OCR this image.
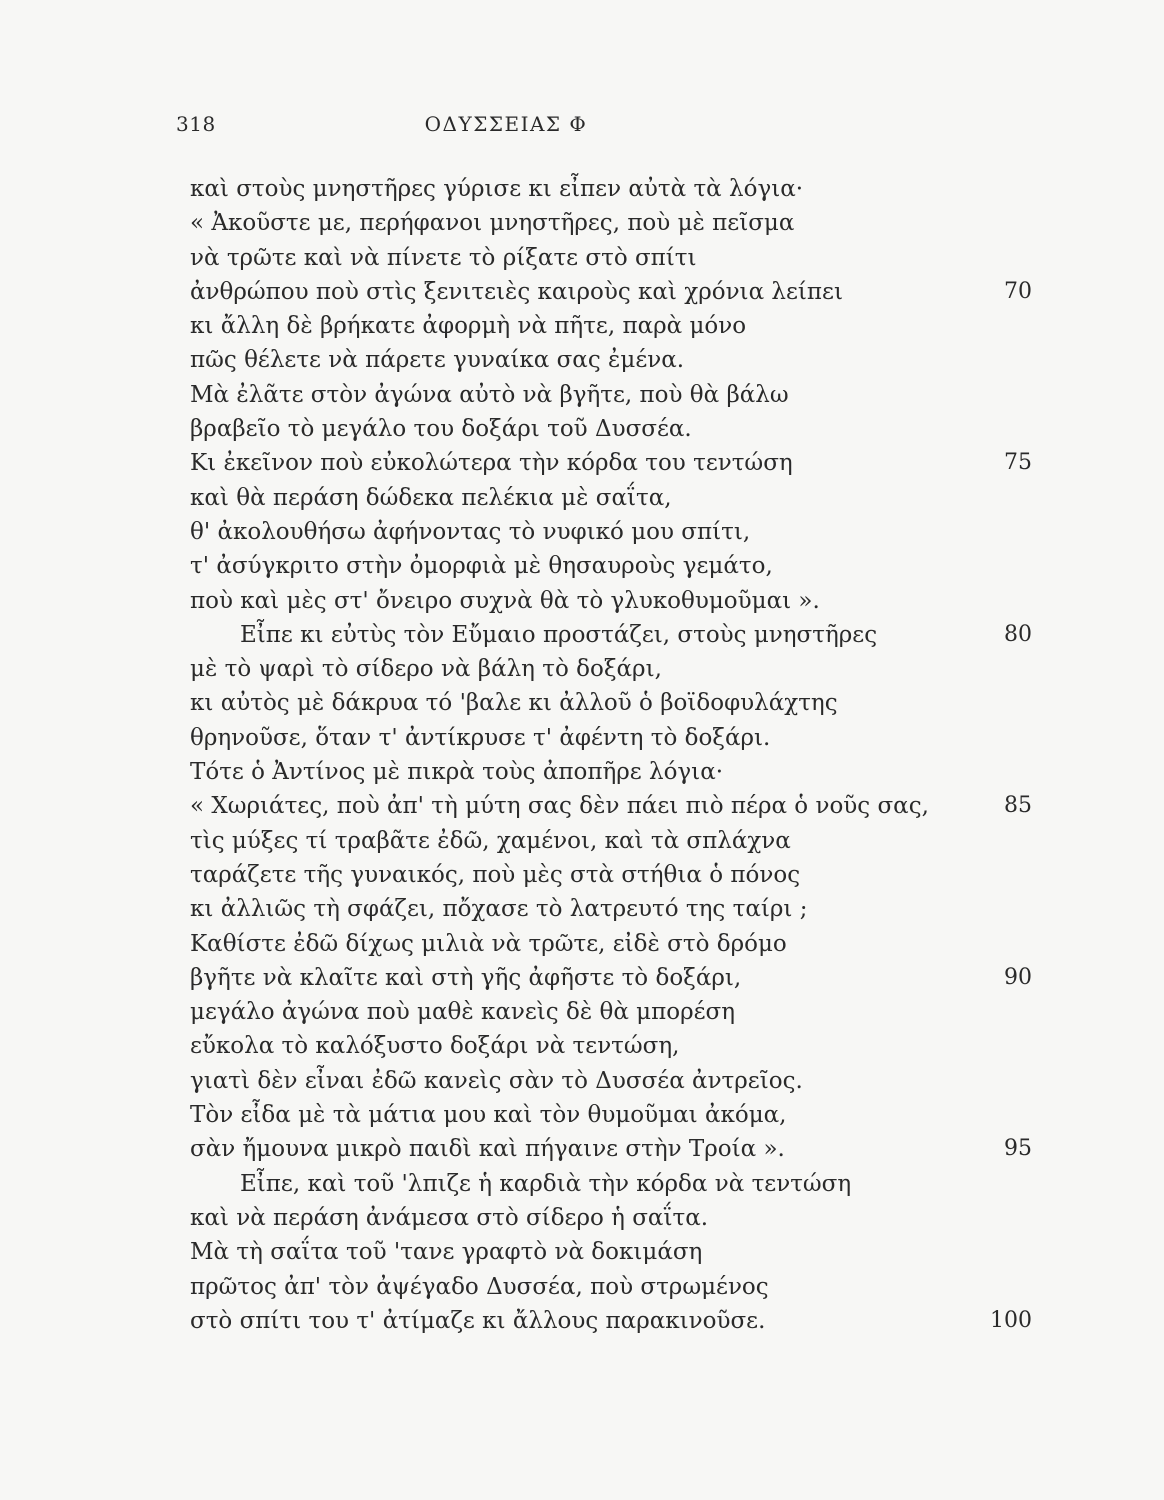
318	ΟΔΥΣΣΕΙΑΣ Φ
καὶ στοὺς μνηστῆρες γύρισε κι εἶπεν αὐτὰ τὰ λόγια·
« Ἀκοῦστε με, περήφανοι μνηστῆρες, ποὺ μὲ πεῖσμα
νὰ τρῶτε καὶ νὰ πίνετε τὸ ρίξατε στὸ σπίτι
ἀνθρώπου ποὺ στὶς ξενιτειὲς καιροὺς καὶ χρόνια λείπει	70
κι ἄλλη δὲ βρήκατε ἀφορμὴ νὰ πῆτε, παρὰ μόνο
πῶς θέλετε νὰ πάρετε γυναίκα σας ἐμένα.
Μὰ ἐλᾶτε στὸν ἀγώνα αὐτὸ νὰ βγῆτε, ποὺ θὰ βάλω
βραβεῖο τὸ μεγάλο του δοξάρι τοῦ Δυσσέα.
Κι ἐκεῖνον ποὺ εὐκολώτερα τὴν κόρδα του τεντώση	75
καὶ θὰ περάση δώδεκα πελέκια μὲ σαΐτα,
θ' ἀκολουθήσω ἀφήνοντας τὸ νυφικό μου σπίτι,
τ' ἀσύγκριτο στὴν ὀμορφιὰ μὲ θησαυροὺς γεμάτο,
ποὺ καὶ μὲς στ' ὄνειρο συχνὰ θὰ τὸ γλυκοθυμοῦμαι ».
Εἶπε κι εὐτὺς τὸν Εὔμαιο προστάζει, στοὺς μνηστῆρες	80
μὲ τὸ ψαρὶ τὸ σίδερο νὰ βάλη τὸ δοξάρι,
κι αὐτὸς μὲ δάκρυα τό 'βαλε κι ἀλλοῦ ὁ βοϊδοφυλάχτης
θρηνοῦσε, ὅταν τ' ἀντίκρυσε τ' ἀφέντη τὸ δοξάρι.
Τότε ὁ Ἀντίνος μὲ πικρὰ τοὺς ἀποπῆρε λόγια·
« Χωριάτες, ποὺ ἀπ' τὴ μύτη σας δὲν πάει πιὸ πέρα ὁ νοῦς σας,	85
τὶς μύξες τί τραβᾶτε ἐδῶ, χαμένοι, καὶ τὰ σπλάχνα
ταράζετε τῆς γυναικός, ποὺ μὲς στὰ στήθια ὁ πόνος
κι ἀλλιῶς τὴ σφάζει, πὄχασε τὸ λατρευτό της ταίρι ;
Καθίστε ἐδῶ δίχως μιλιὰ νὰ τρῶτε, εἰδὲ στὸ δρόμο
βγῆτε νὰ κλαῖτε καὶ στὴ γῆς ἀφῆστε τὸ δοξάρι,	90
μεγάλο ἀγώνα ποὺ μαθὲ κανεὶς δὲ θὰ μπορέση
εὔκολα τὸ καλόξυστο δοξάρι νὰ τεντώση,
γιατὶ δὲν εἶναι ἐδῶ κανεὶς σὰν τὸ Δυσσέα ἀντρεῖος.
Τὸν εἶδα μὲ τὰ μάτια μου καὶ τὸν θυμοῦμαι ἀκόμα,
σὰν ἤμουνα μικρὸ παιδὶ καὶ πήγαινε στὴν Τροία ».	95
Εἶπε, καὶ τοῦ 'λπιζε ἡ καρδιὰ τὴν κόρδα νὰ τεντώση
καὶ νὰ περάση ἀνάμεσα στὸ σίδερο ἡ σαΐτα.
Μὰ τὴ σαΐτα τοῦ 'τανε γραφτὸ νὰ δοκιμάση
πρῶτος ἀπ' τὸν ἀψέγαδο Δυσσέα, ποὺ στρωμένος
στὸ σπίτι του τ' ἀτίμαζε κι ἄλλους παρακινοῦσε.	100
